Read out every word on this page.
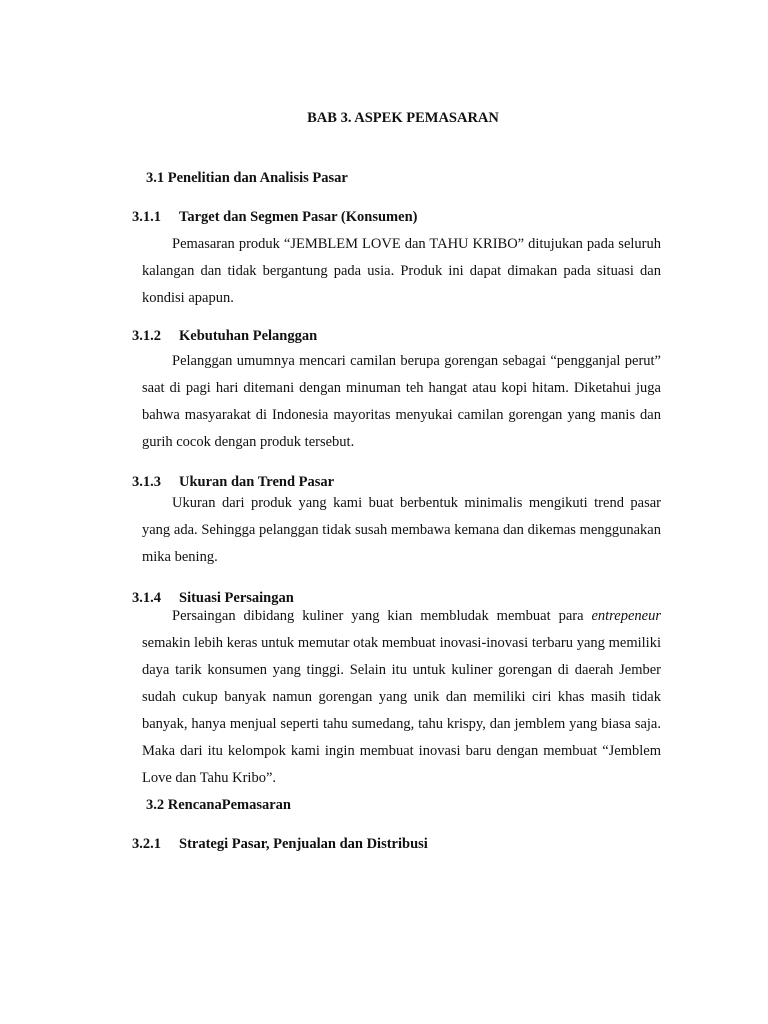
BAB 3. ASPEK PEMASARAN
3.1 Penelitian dan Analisis Pasar
3.1.1 Target dan Segmen Pasar (Konsumen)

Pemasaran produk “JEMBLEM LOVE dan TAHU KRIBO” ditujukan pada seluruh kalangan dan tidak bergantung pada usia. Produk ini dapat dimakan pada situasi dan kondisi apapun.

3.1.2 Kebutuhan Pelanggan

Pelanggan umumnya mencari camilan berupa gorengan sebagai “pengganjal perut” saat di pagi hari ditemani dengan minuman teh hangat atau kopi hitam. Diketahui juga bahwa masyarakat di Indonesia mayoritas menyukai camilan gorengan yang manis dan gurih cocok dengan produk tersebut.

3.1.3 Ukuran dan Trend Pasar

Ukuran dari produk yang kami buat berbentuk minimalis mengikuti trend pasar yang ada. Sehingga pelanggan tidak susah membawa kemana dan dikemas menggunakan mika bening.

3.1.4 Situasi Persaingan

Persaingan dibidang kuliner yang kian membludak membuat para entrepeneur semakin lebih keras untuk memutar otak membuat inovasi-inovasi terbaru yang memiliki daya tarik konsumen yang tinggi. Selain itu untuk kuliner gorengan di daerah Jember sudah cukup banyak namun gorengan yang unik dan memiliki ciri khas masih tidak banyak, hanya menjual seperti tahu sumedang, tahu krispy, dan jemblem yang biasa saja. Maka dari itu kelompok kami ingin membuat inovasi baru dengan membuat “Jemblem Love dan Tahu Kribo”.

3.2 RencanaPemasaran
3.2.1 Strategi Pasar, Penjualan dan Distribusi
